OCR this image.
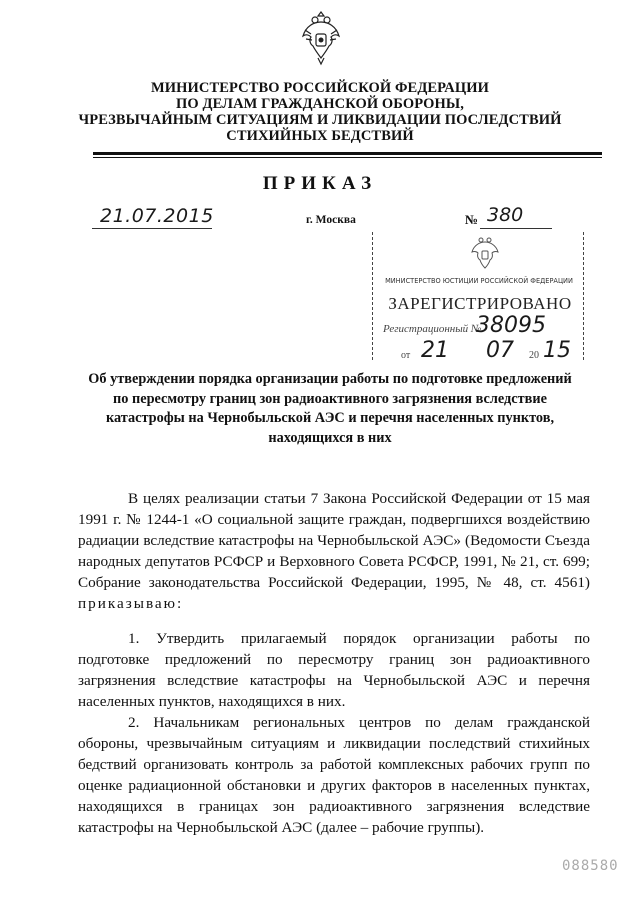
МИНИСТЕРСТВО РОССИЙСКОЙ ФЕДЕРАЦИИ
ПО ДЕЛАМ ГРАЖДАНСКОЙ ОБОРОНЫ,
ЧРЕЗВЫЧАЙНЫМ СИТУАЦИЯМ И ЛИКВИДАЦИИ ПОСЛЕДСТВИЙ
СТИХИЙНЫХ БЕДСТВИЙ
ПРИКАЗ
21.07.2015	г. Москва	№ 380
МИНИСТЕРСТВО ЮСТИЦИИ РОССИЙСКОЙ ФЕДЕРАЦИИ
ЗАРЕГИСТРИРОВАНО
Регистрационный №
38095
от 21 07 20 15
Об утверждении порядка организации работы по подготовке предложений
по пересмотру границ зон радиоактивного загрязнения вследствие
катастрофы на Чернобыльской АЭС и перечня населенных пунктов,
находящихся в них
В целях реализации статьи 7 Закона Российской Федерации от 15 мая
1991 г. № 1244-1 «О социальной защите граждан, подвергшихся воздействию
радиации вследствие катастрофы на Чернобыльской АЭС» (Ведомости Съезда
народных депутатов РСФСР и Верховного Совета РСФСР, 1991, № 21, ст. 699;
Собрание законодательства Российской Федерации, 1995, № 48, ст. 4561)
приказываю:
1. Утвердить прилагаемый порядок организации работы по
подготовке предложений по пересмотру границ зон радиоактивного
загрязнения вследствие катастрофы на Чернобыльской АЭС и перечня
населенных пунктов, находящихся в них.
2. Начальникам региональных центров по делам гражданской
обороны, чрезвычайным ситуациям и ликвидации последствий стихийных
бедствий организовать контроль за работой комплексных рабочих групп по
оценке радиационной обстановки и других факторов в населенных пунктах,
находящихся в границах зон радиоактивного загрязнения вследствие
катастрофы на Чернобыльской АЭС (далее – рабочие группы).
088580
